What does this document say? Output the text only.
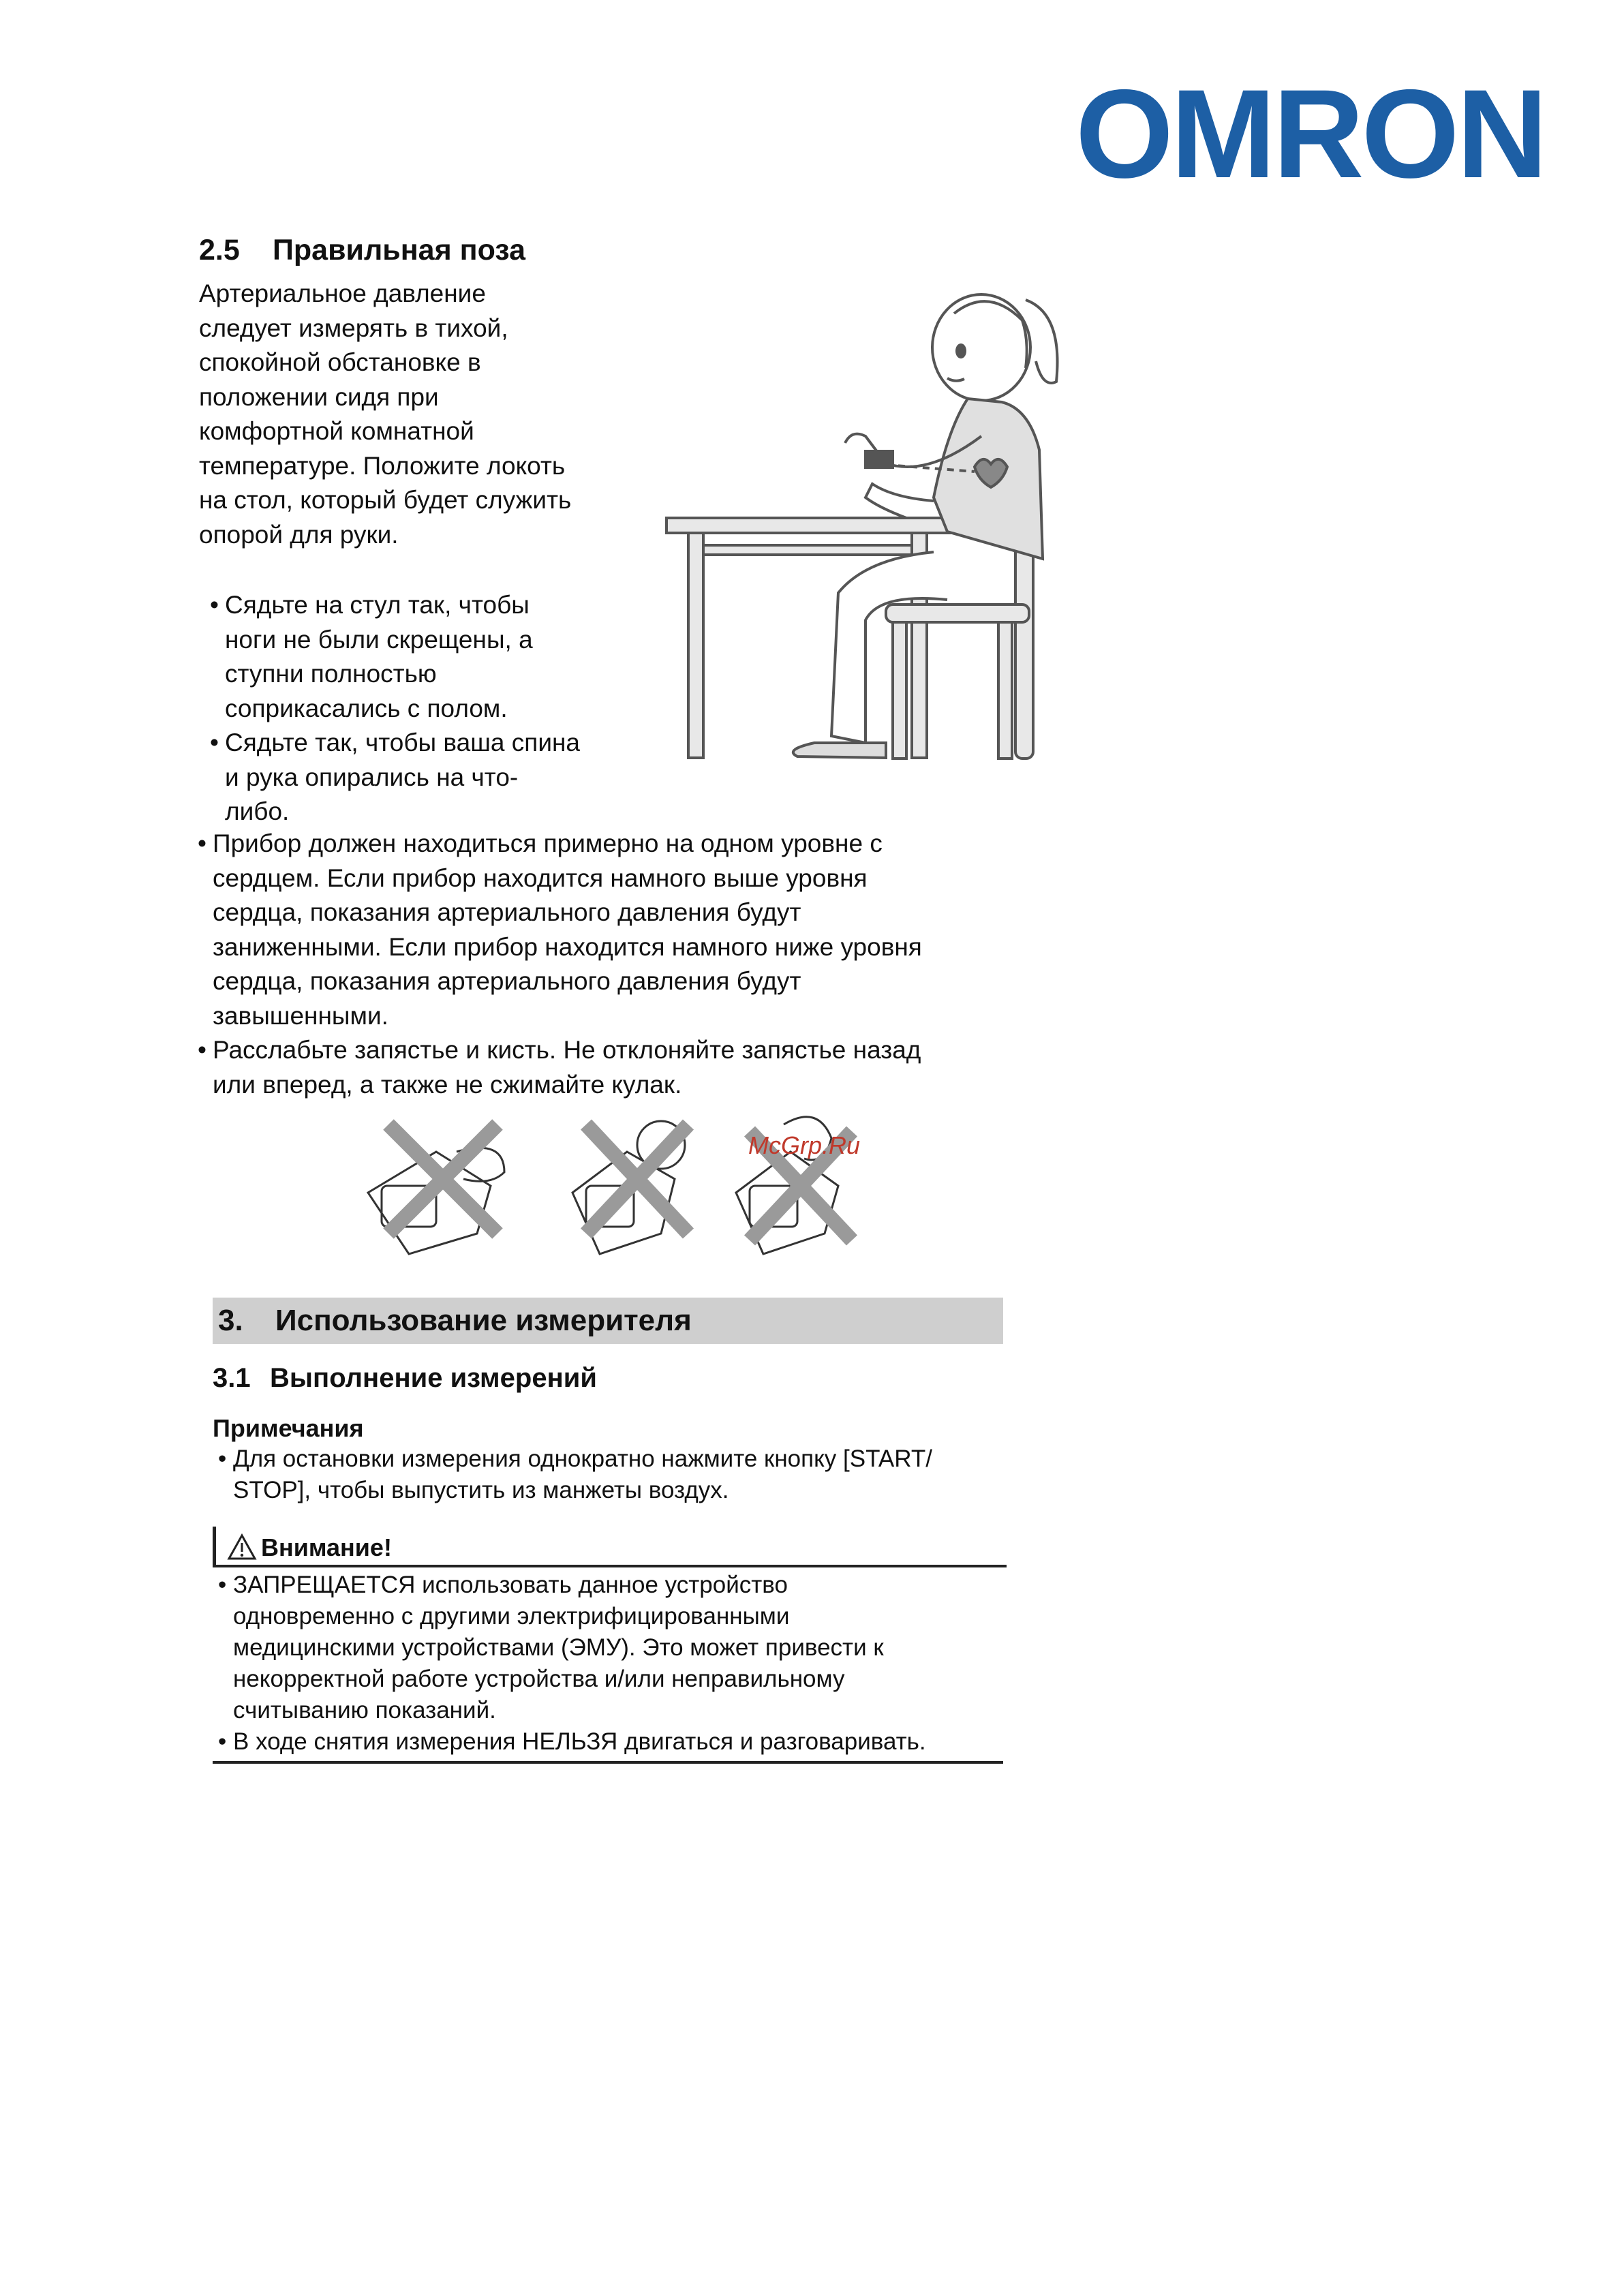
OMRON
2.5 Правильная поза
Артериальное давление
следует измерять в тихой,
спокойной обстановке в
положении сидя при
комфортной комнатной
температуре. Положите локоть
на стол, который будет служить
опорой для руки.
• Сядьте на стул так, чтобы
ноги не были скрещены, а
ступни полностью
соприкасались с полом.
• Сядьте так, чтобы ваша спина
и рука опирались на что-
либо.
• Прибор должен находиться примерно на одном уровне с
сердцем. Если прибор находится намного выше уровня
сердца, показания артериального давления будут
заниженными. Если прибор находится намного ниже уровня
сердца, показания артериального давления будут
завышенными.
• Расслабьте запястье и кисть. Не отклоняйте запястье назад
или вперед, а также не сжимайте кулак.
McGrp.Ru
3. Использование измерителя
3.1 Выполнение измерений
Примечания
• Для остановки измерения однократно нажмите кнопку [START/
STOP], чтобы выпустить из манжеты воздух.
Внимание!
• ЗАПРЕЩАЕТСЯ использовать данное устройство
одновременно с другими электрифицированными
медицинскими устройствами (ЭМУ). Это может привести к
некорректной работе устройства и/или неправильному
считыванию показаний.
• В ходе снятия измерения НЕЛЬЗЯ двигаться и разговаривать.
